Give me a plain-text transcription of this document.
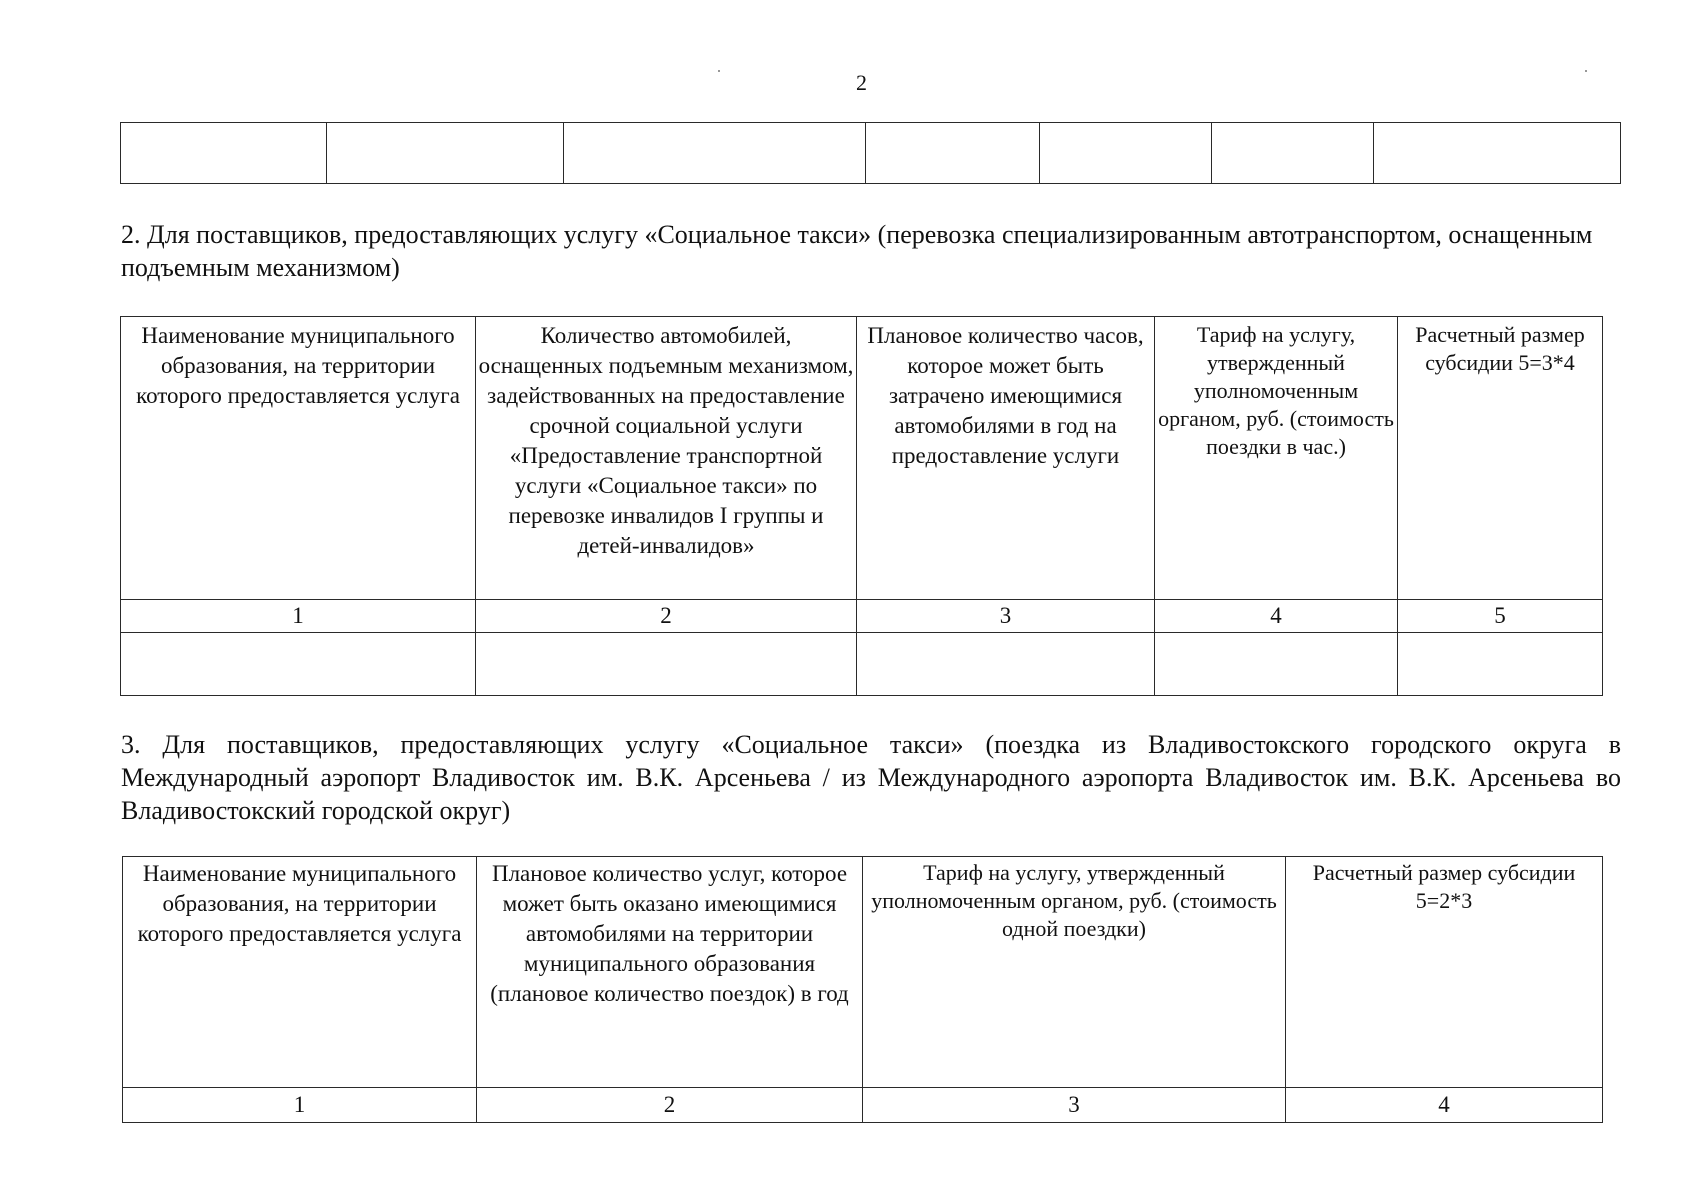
2

2. Для поставщиков, предоставляющих услугу «Социальное такси» (перевозка специализированным автотранспортом, оснащенным подъемным механизмом)
Наименование муниципального образования, на территории которого предоставляется услуга	Количество автомобилей, оснащенных подъемным механизмом, задействованных на предоставление срочной социальной услуги «Предоставление транспортной услуги «Социальное такси» по перевозке инвалидов I группы и детей-инвалидов»	Плановое количество часов, которое может быть затрачено имеющимися автомобилями в год на предоставление услуги	Тариф на услугу, утвержденный уполномоченным органом, руб. (стоимость поездки в час.)	Расчетный размер субсидии 5=3*4
1	2	3	4	5

3. Для поставщиков, предоставляющих услугу «Социальное такси» (поездка из Владивостокского городского округа в Международный аэропорт Владивосток им. В.К. Арсеньева / из Международного аэропорта Владивосток им. В.К. Арсеньева во Владивостокский городской округ)
Наименование муниципального образования, на территории которого предоставляется услуга	Плановое количество услуг, которое может быть оказано имеющимися автомобилями на территории муниципального образования (плановое количество поездок) в год	Тариф на услугу, утвержденный уполномоченным органом, руб. (стоимость одной поездки)	Расчетный размер субсидии 5=2*3
1	2	3	4
